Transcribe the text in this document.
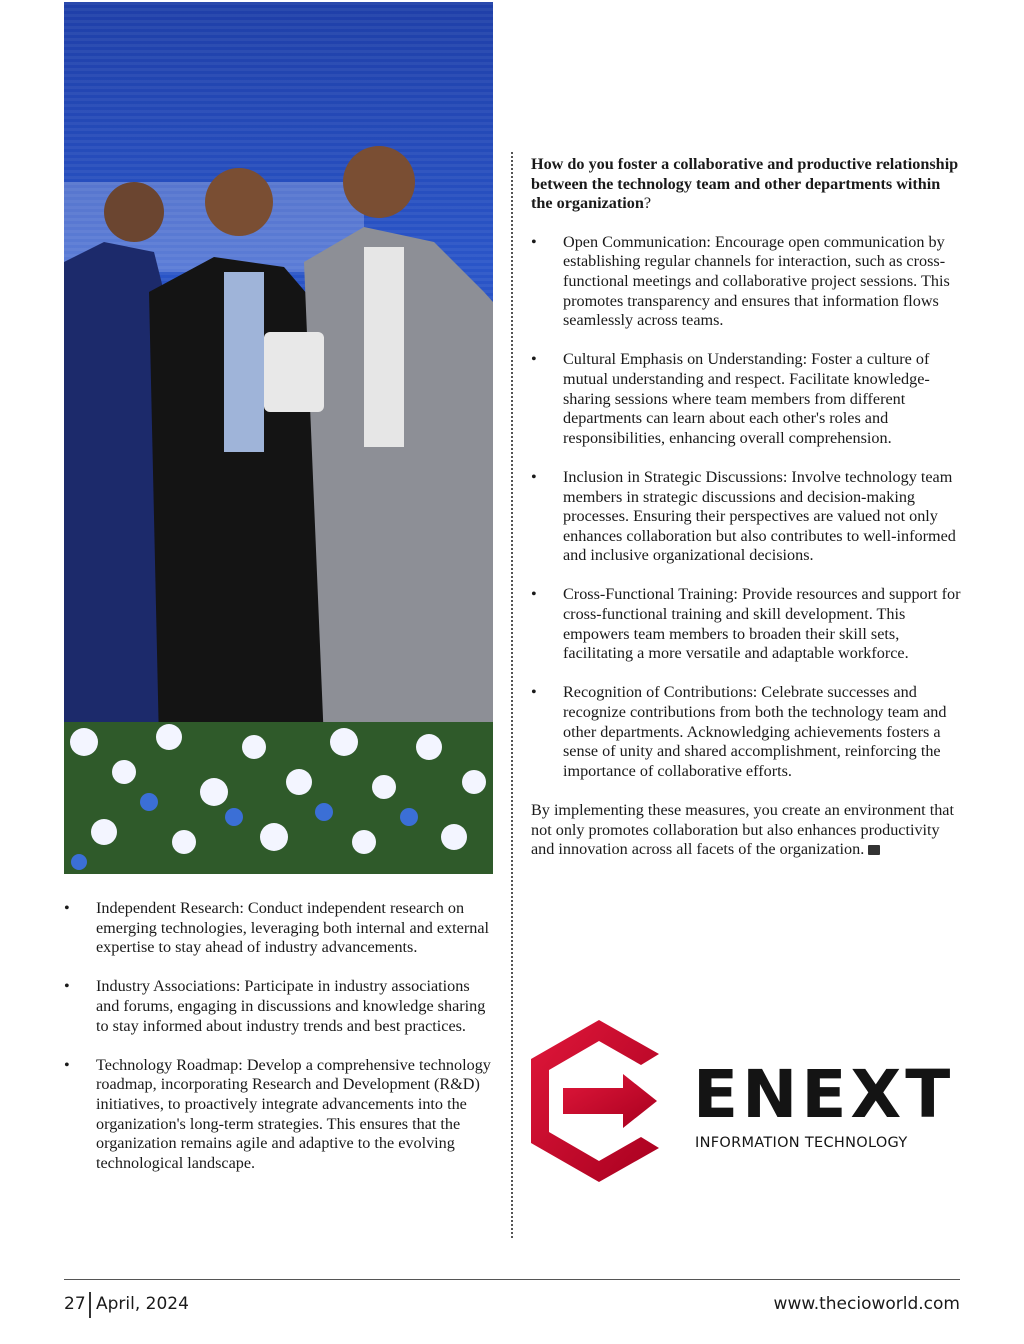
How do you foster a collaborative and productive relationship between the technology team and other departments within the organization?

• Open Communication: Encourage open communication by establishing regular channels for interaction, such as cross-functional meetings and collaborative project sessions. This promotes transparency and ensures that information flows seamlessly across teams.
• Cultural Emphasis on Understanding: Foster a culture of mutual understanding and respect. Facilitate knowledge-sharing sessions where team members from different departments can learn about each other's roles and responsibilities, enhancing overall comprehension.
• Inclusion in Strategic Discussions: Involve technology team members in strategic discussions and decision-making processes. Ensuring their perspectives are valued not only enhances collaboration but also contributes to well-informed and inclusive organizational decisions.
• Cross-Functional Training: Provide resources and support for cross-functional training and skill development. This empowers team members to broaden their skill sets, facilitating a more versatile and adaptable workforce.
• Recognition of Contributions: Celebrate successes and recognize contributions from both the technology team and other departments. Acknowledging achievements fosters a sense of unity and shared accomplishment, reinforcing the importance of collaborative efforts.

By implementing these measures, you create an environment that not only promotes collaboration but also enhances productivity and innovation across all facets of the organization.

• Independent Research: Conduct independent research on emerging technologies, leveraging both internal and external expertise to stay ahead of industry advancements.
• Industry Associations: Participate in industry associations and forums, engaging in discussions and knowledge sharing to stay informed about industry trends and best practices.
• Technology Roadmap: Develop a comprehensive technology roadmap, incorporating Research and Development (R&D) initiatives, to proactively integrate advancements into the organization's long-term strategies. This ensures that the organization remains agile and adaptive to the evolving technological landscape.
ENEXT
INFORMATION TECHNOLOGY
27 April, 2024	www.thecioworld.com
